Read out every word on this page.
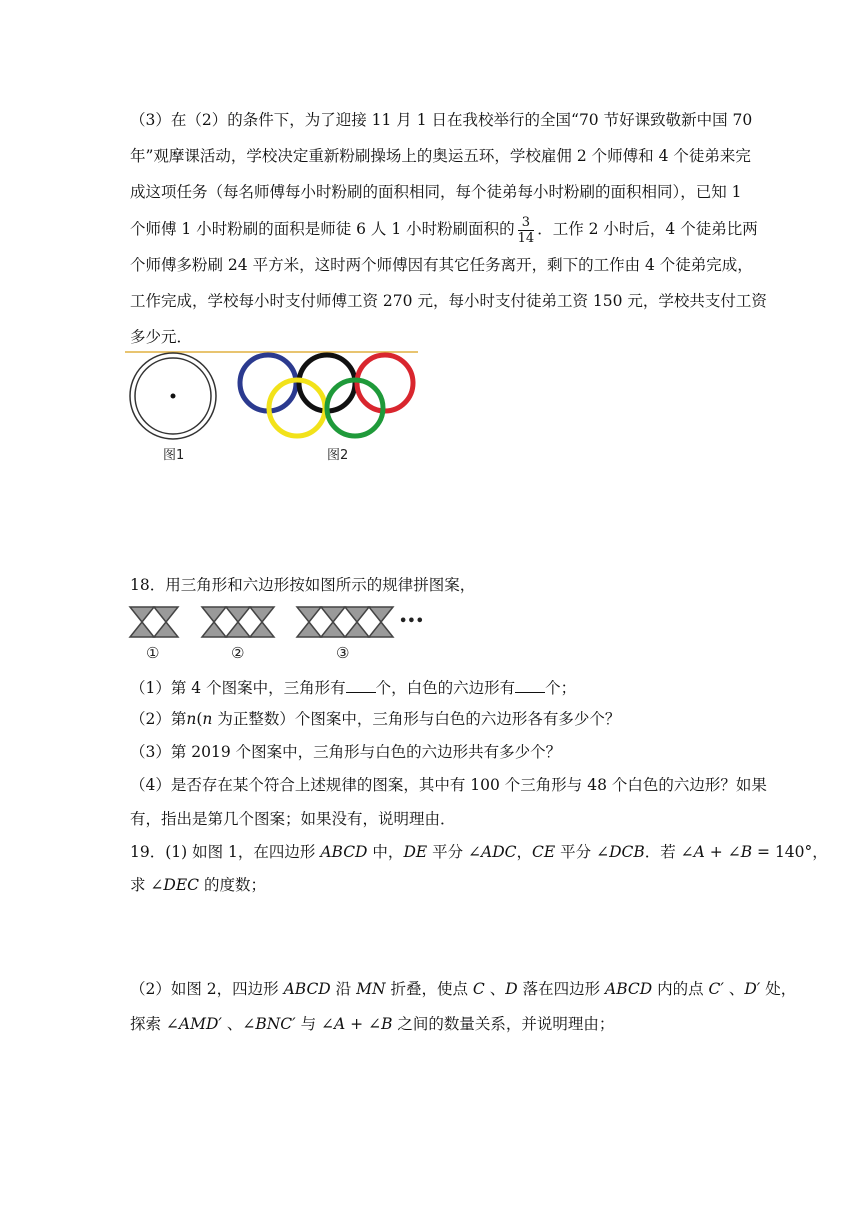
（3）在（2）的条件下，为了迎接 11 月 1 日在我校举行的全国“70 节好课致敬新中国 70
年”观摩课活动，学校决定重新粉刷操场上的奥运五环，学校雇佣 2 个师傅和 4 个徒弟来完
成这项任务（每名师傅每小时粉刷的面积相同，每个徒弟每小时粉刷的面积相同），已知 1
个师傅 1 小时粉刷的面积是师徒 6 人 1 小时粉刷面积的 $\frac{3}{14}$ ．工作 2 小时后，4 个徒弟比两
个师傅多粉刷 24 平方米，这时两个师傅因有其它任务离开，剩下的工作由 4 个徒弟完成，
工作完成，学校每小时支付师傅工资 270 元，每小时支付徒弟工资 150 元，学校共支付工资
多少元．
图1	图2
18．用三角形和六边形按如图所示的规律拼图案，
•••
①	②	③
（1）第 4 个图案中，三角形有 个，白色的六边形有 个；
（2）第n(n 为正整数）个图案中，三角形与白色的六边形各有多少个？
（3）第 2019 个图案中，三角形与白色的六边形共有多少个？
（4）是否存在某个符合上述规律的图案，其中有 100 个三角形与 48 个白色的六边形？如果
有，指出是第几个图案；如果没有，说明理由．
19．(1) 如图 1，在四边形 ABCD 中，DE 平分 ∠ADC，CE 平分 ∠DCB．若 ∠A + ∠B = 140°，
求 ∠DEC 的度数；
（2）如图 2，四边形 ABCD 沿 MN 折叠，使点 C 、D 落在四边形 ABCD 内的点 C′ 、D′ 处，
探索 ∠AMD′ 、∠BNC′ 与 ∠A + ∠B 之间的数量关系，并说明理由；
